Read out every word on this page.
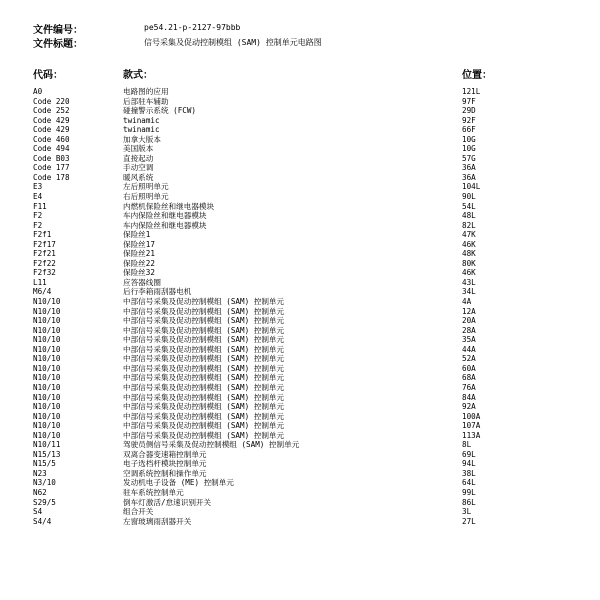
文件编号：	pe54.21-p-2127-97bbb
文件标题：	信号采集及促动控制模组 (SAM) 控制单元电路图
代码：	款式：	位置：
A0	电路图的应用	121L
Code 220	后部驻车辅助	97F
Code 252	碰撞警示系统 (FCW)	29D
Code 429	twinamic	92F
Code 429	twinamic	66F
Code 460	加拿大版本	10G
Code 494	美国版本	10G
Code B03	直接起动	57G
Code 177	手动空调	36A
Code 178	暖风系统	36A
E3	左后照明单元	104L
E4	右后照明单元	90L
F11	内燃机保险丝和继电器模块	54L
F2	车内保险丝和继电器模块	48L
F2	车内保险丝和继电器模块	82L
F2f1	保险丝1	47K
F2f17	保险丝17	46K
F2f21	保险丝21	48K
F2f22	保险丝22	80K
F2f32	保险丝32	46K
L11	应答器线圈	43L
M6/4	后行李箱雨刮器电机	34L
N10/10	中部信号采集及促动控制模组 (SAM) 控制单元	4A
N10/10	中部信号采集及促动控制模组 (SAM) 控制单元	12A
N10/10	中部信号采集及促动控制模组 (SAM) 控制单元	20A
N10/10	中部信号采集及促动控制模组 (SAM) 控制单元	28A
N10/10	中部信号采集及促动控制模组 (SAM) 控制单元	35A
N10/10	中部信号采集及促动控制模组 (SAM) 控制单元	44A
N10/10	中部信号采集及促动控制模组 (SAM) 控制单元	52A
N10/10	中部信号采集及促动控制模组 (SAM) 控制单元	60A
N10/10	中部信号采集及促动控制模组 (SAM) 控制单元	68A
N10/10	中部信号采集及促动控制模组 (SAM) 控制单元	76A
N10/10	中部信号采集及促动控制模组 (SAM) 控制单元	84A
N10/10	中部信号采集及促动控制模组 (SAM) 控制单元	92A
N10/10	中部信号采集及促动控制模组 (SAM) 控制单元	100A
N10/10	中部信号采集及促动控制模组 (SAM) 控制单元	107A
N10/10	中部信号采集及促动控制模组 (SAM) 控制单元	113A
N10/11	驾驶员侧信号采集及促动控制模组 (SAM) 控制单元	8L
N15/13	双离合器变速箱控制单元	69L
N15/5	电子选档杆模块控制单元	94L
N23	空调系统控制和操作单元	38L
N3/10	发动机电子设备 (ME) 控制单元	64L
N62	驻车系统控制单元	99L
S29/5	倒车灯激活/怠速识别开关	86L
S4	组合开关	3L
S4/4	左窗玻璃雨刮器开关	27L
